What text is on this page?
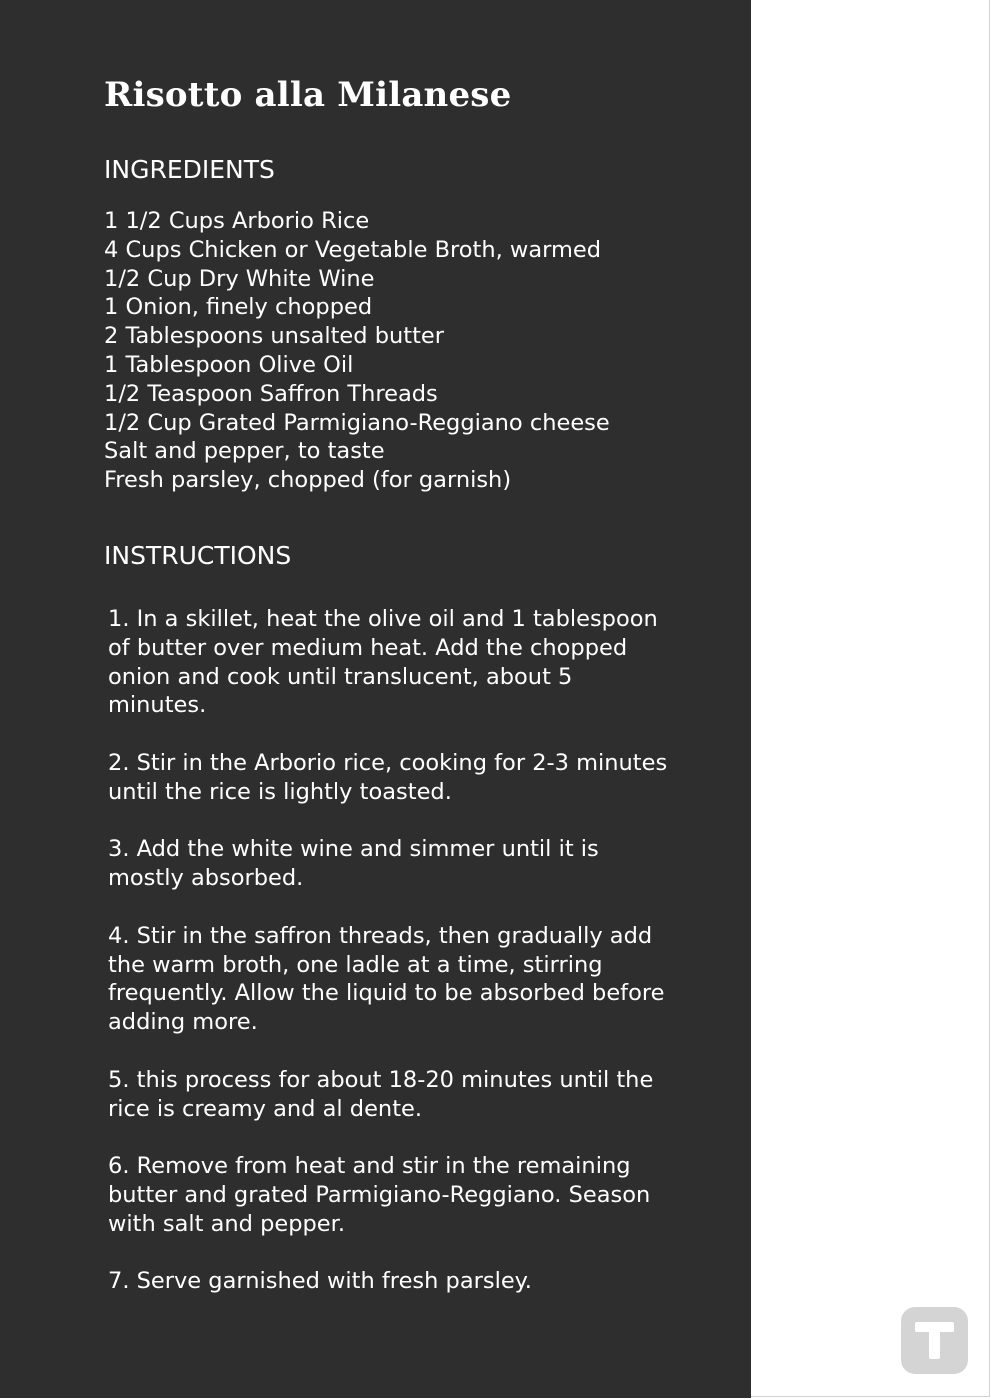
Risotto alla Milanese
INGREDIENTS
1 1/2 Cups Arborio Rice
4 Cups Chicken or Vegetable Broth, warmed
1/2 Cup Dry White Wine
1 Onion, finely chopped
2 Tablespoons unsalted butter
1 Tablespoon Olive Oil
1/2 Teaspoon Saffron Threads
1/2 Cup Grated Parmigiano-Reggiano cheese
Salt and pepper, to taste
Fresh parsley, chopped (for garnish)
INSTRUCTIONS
1. In a skillet, heat the olive oil and 1 tablespoon of butter over medium heat. Add the chopped onion and cook until translucent, about 5 minutes.
2. Stir in the Arborio rice, cooking for 2-3 minutes until the rice is lightly toasted.
3. Add the white wine and simmer until it is mostly absorbed.
4. Stir in the saffron threads, then gradually add the warm broth, one ladle at a time, stirring frequently. Allow the liquid to be absorbed before adding more.
5. this process for about 18-20 minutes until the rice is creamy and al dente.
6. Remove from heat and stir in the remaining butter and grated Parmigiano-Reggiano. Season with salt and pepper.
7. Serve garnished with fresh parsley.
